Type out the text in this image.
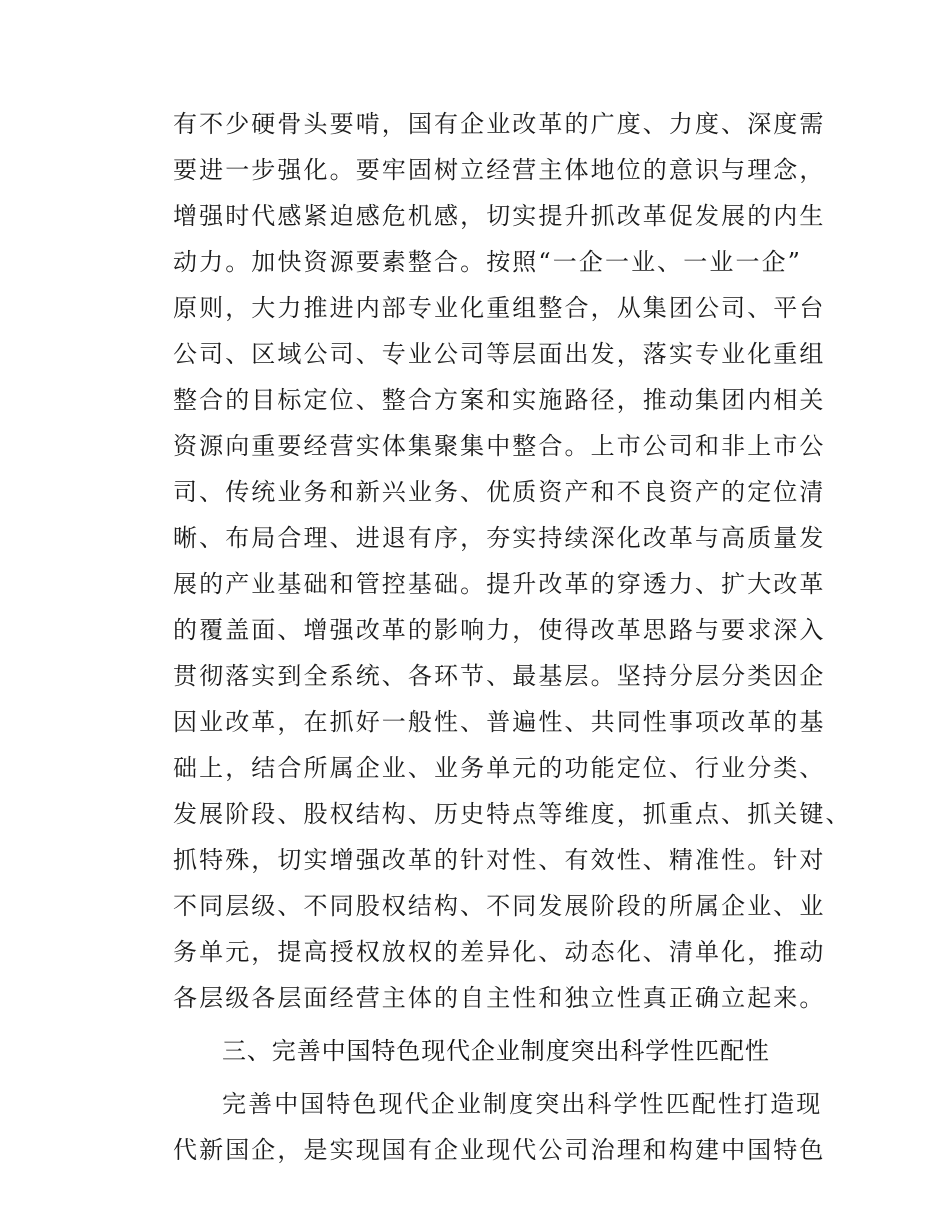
有不少硬骨头要啃，国有企业改革的广度、力度、深度需
要进一步强化。要牢固树立经营主体地位的意识与理念，
增强时代感紧迫感危机感，切实提升抓改革促发展的内生
动力。加快资源要素整合。按照“一企一业、一业一企”
原则，大力推进内部专业化重组整合，从集团公司、平台
公司、区域公司、专业公司等层面出发，落实专业化重组
整合的目标定位、整合方案和实施路径，推动集团内相关
资源向重要经营实体集聚集中整合。上市公司和非上市公
司、传统业务和新兴业务、优质资产和不良资产的定位清
晰、布局合理、进退有序，夯实持续深化改革与高质量发
展的产业基础和管控基础。提升改革的穿透力、扩大改革
的覆盖面、增强改革的影响力，使得改革思路与要求深入
贯彻落实到全系统、各环节、最基层。坚持分层分类因企
因业改革，在抓好一般性、普遍性、共同性事项改革的基
础上，结合所属企业、业务单元的功能定位、行业分类、
发展阶段、股权结构、历史特点等维度，抓重点、抓关键、
抓特殊，切实增强改革的针对性、有效性、精准性。针对
不同层级、不同股权结构、不同发展阶段的所属企业、业
务单元，提高授权放权的差异化、动态化、清单化，推动
各层级各层面经营主体的自主性和独立性真正确立起来。
三、完善中国特色现代企业制度突出科学性匹配性
完善中国特色现代企业制度突出科学性匹配性打造现
代新国企，是实现国有企业现代公司治理和构建中国特色
